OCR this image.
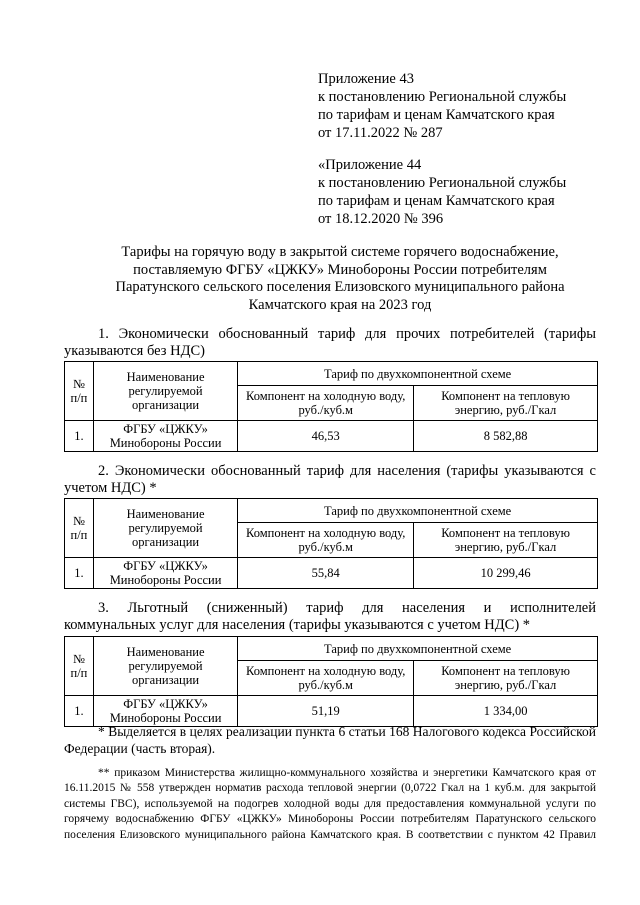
Приложение 43
к постановлению Региональной службы
по тарифам и ценам Камчатского края
от 17.11.2022 № 287
«Приложение 44
к постановлению Региональной службы
по тарифам и ценам Камчатского края
от 18.12.2020 № 396
Тарифы на горячую воду в закрытой системе горячего водоснабжение,
поставляемую ФГБУ «ЦЖКУ» Минобороны России потребителям
Паратунского сельского поселения Елизовского муниципального района
Камчатского края на 2023 год
1. Экономически обоснованный тариф для прочих потребителей (тарифы
указываются без НДС)
№ п/п	Наименование регулируемой организации	Тариф по двухкомпонентной схеме	
		Компонент на холодную воду, руб./куб.м	Компонент на тепловую энергию, руб./Гкал
1.	ФГБУ «ЦЖКУ» Минобороны России	46,53	8 582,88
2. Экономически обоснованный тариф для населения (тарифы указываются с
учетом НДС) *
№ п/п	Наименование регулируемой организации	Тариф по двухкомпонентной схеме	
		Компонент на холодную воду, руб./куб.м	Компонент на тепловую энергию, руб./Гкал
1.	ФГБУ «ЦЖКУ» Минобороны России	55,84	10 299,46
3. Льготный (сниженный) тариф для населения и исполнителей
коммунальных услуг для населения (тарифы указываются с учетом НДС) *
№ п/п	Наименование регулируемой организации	Тариф по двухкомпонентной схеме	
		Компонент на холодную воду, руб./куб.м	Компонент на тепловую энергию, руб./Гкал
1.	ФГБУ «ЦЖКУ» Минобороны России	51,19	1 334,00
* Выделяется в целях реализации пункта 6 статьи 168 Налогового кодекса Российской
Федерации (часть вторая).
** приказом Министерства жилищно-коммунального хозяйства и энергетики Камчатского края от
16.11.2015 № 558 утвержден норматив расхода тепловой энергии (0,0722 Гкал на 1 куб.м. для закрытой
системы ГВС), используемой на подогрев холодной воды для предоставления коммунальной услуги по
горячему водоснабжению ФГБУ «ЦЖКУ» Минобороны России потребителям Паратунского сельского
поселения Елизовского муниципального района Камчатского края. В соответствии с пунктом 42 Правил
